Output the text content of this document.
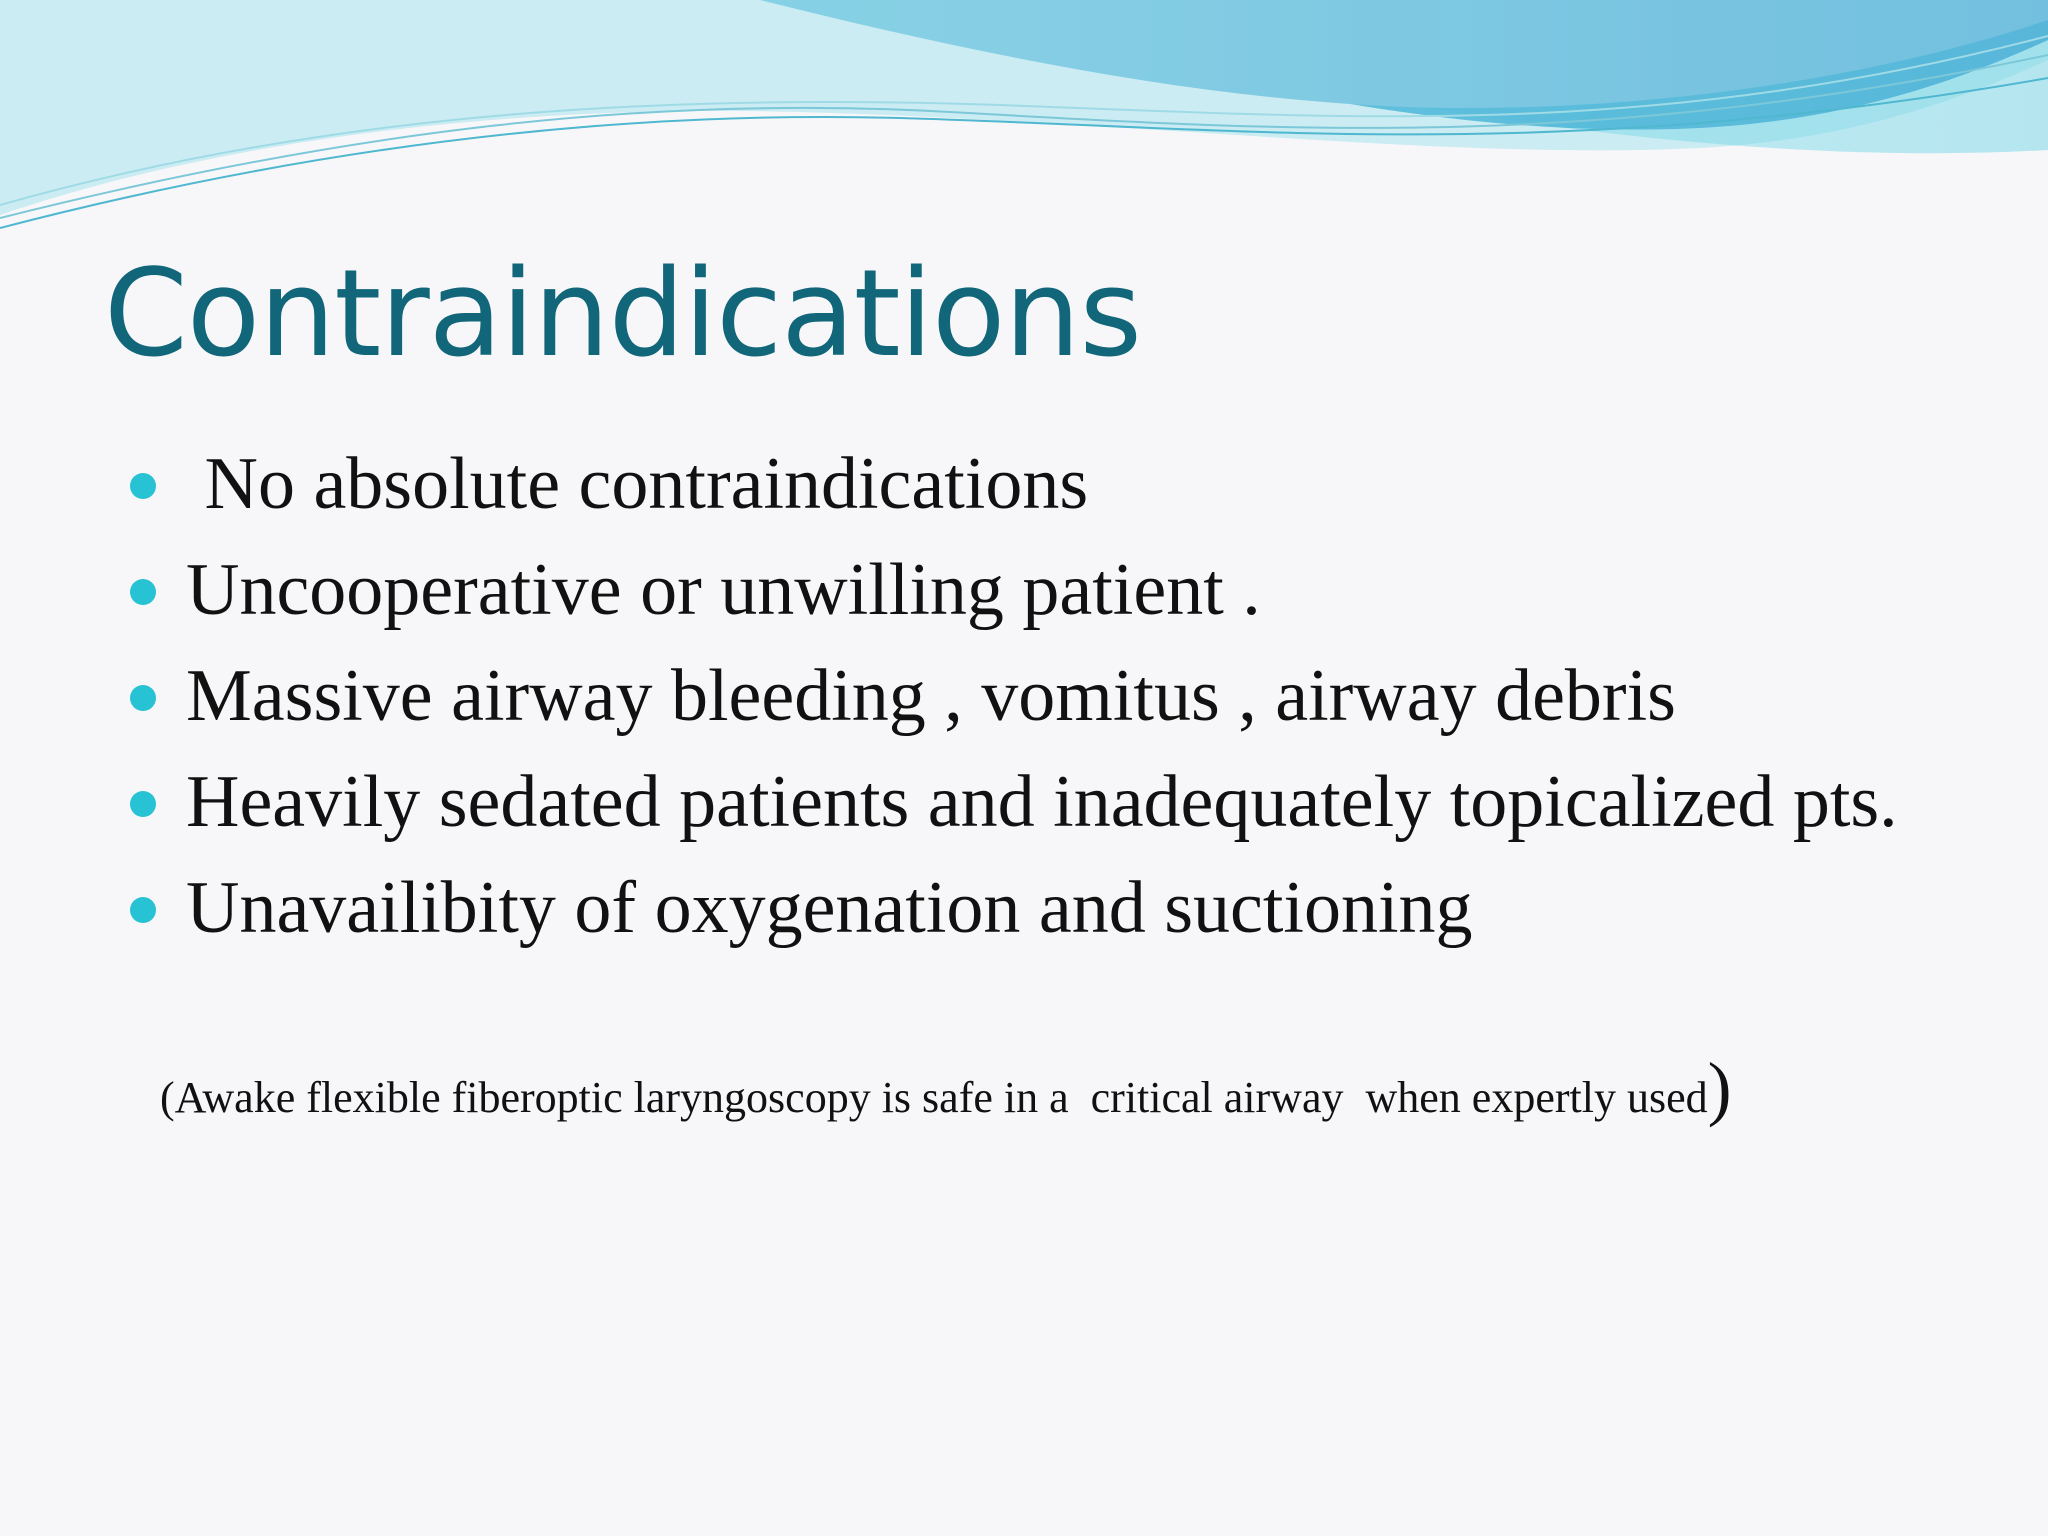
Contraindications
No absolute contraindications
Uncooperative or unwilling patient .
Massive airway bleeding , vomitus , airway debris
Heavily sedated patients and inadequately topicalized pts.
Unavailibity of oxygenation and suctioning

(Awake flexible fiberoptic laryngoscopy is safe in a  critical airway  when expertly used)
